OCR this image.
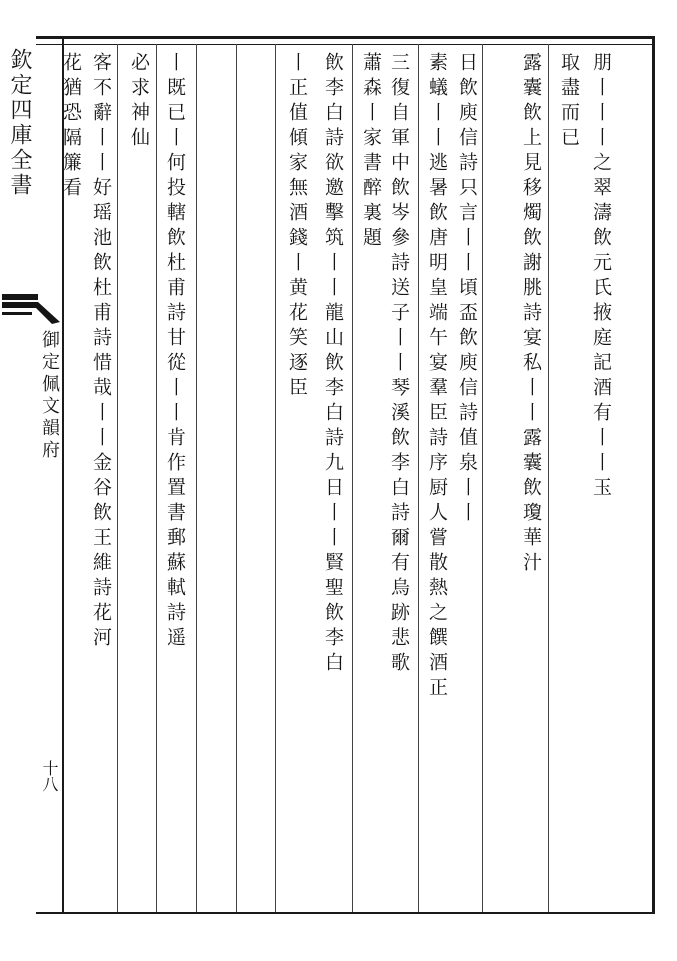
欽定四庫全書
御定佩文韻府
十八
朋丨丨丨之翠濤飲元氏掖庭記酒有丨丨玉
取盡而已
露囊飲上見移燭飲謝朓詩宴私丨丨露囊飲瓊華汁
日飲庾信詩只言丨丨頃盃飲庾信詩值泉丨丨
素蟻丨丨逃暑飲唐明皇端午宴羣臣詩序厨人嘗散熱之饌酒正
三復自軍中飲岑參詩送子丨丨琴溪飲李白詩爾有烏跡悲歌
蕭森丨家書醉裏題
飲李白詩欲邀擊筑丨丨龍山飲李白詩九日丨丨賢聖飲李白
丨正值傾家無酒錢丨黄花笑逐臣
丨既已丨何投轄飲杜甫詩甘從丨丨肯作置書郵蘇軾詩遥
必求神仙
客不辭丨丨好瑶池飲杜甫詩惜哉丨丨金谷飲王維詩花河
花猶恐隔簾看
